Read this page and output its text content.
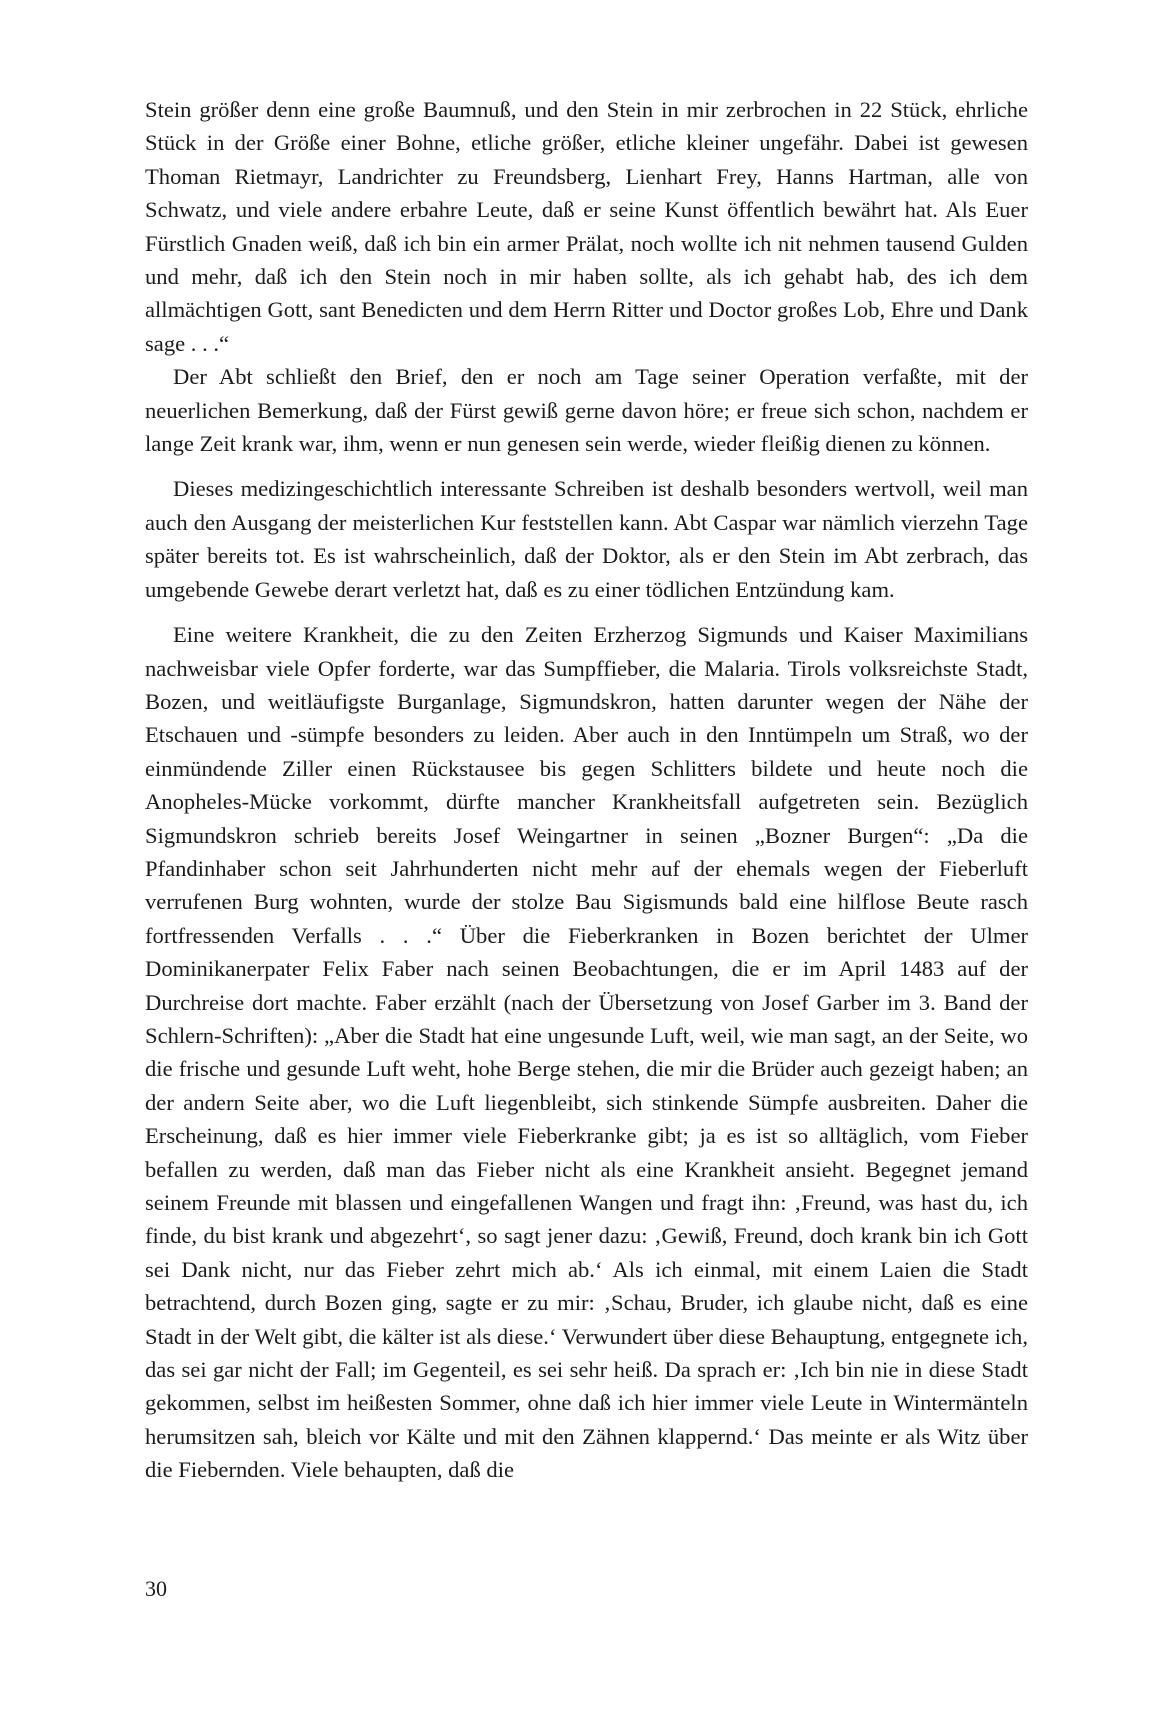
Stein größer denn eine große Baumnuß, und den Stein in mir zerbrochen in 22 Stück, ehrliche Stück in der Größe einer Bohne, etliche größer, etliche kleiner ungefähr. Dabei ist gewesen Thoman Rietmayr, Landrichter zu Freundsberg, Lienhart Frey, Hanns Hartman, alle von Schwatz, und viele andere erbahre Leute, daß er seine Kunst öffentlich bewährt hat. Als Euer Fürstlich Gnaden weiß, daß ich bin ein armer Prälat, noch wollte ich nit nehmen tausend Gulden und mehr, daß ich den Stein noch in mir haben sollte, als ich gehabt hab, des ich dem allmächtigen Gott, sant Benedicten und dem Herrn Ritter und Doctor großes Lob, Ehre und Dank sage . . .“

Der Abt schließt den Brief, den er noch am Tage seiner Operation verfaßte, mit der neuerlichen Bemerkung, daß der Fürst gewiß gerne davon höre; er freue sich schon, nachdem er lange Zeit krank war, ihm, wenn er nun genesen sein werde, wieder fleißig dienen zu können.

Dieses medizingeschichtlich interessante Schreiben ist deshalb besonders wertvoll, weil man auch den Ausgang der meisterlichen Kur feststellen kann. Abt Caspar war nämlich vierzehn Tage später bereits tot. Es ist wahrscheinlich, daß der Doktor, als er den Stein im Abt zerbrach, das umgebende Gewebe derart verletzt hat, daß es zu einer tödlichen Entzündung kam.

Eine weitere Krankheit, die zu den Zeiten Erzherzog Sigmunds und Kaiser Maximilians nachweisbar viele Opfer forderte, war das Sumpffieber, die Malaria. Tirols volksreichste Stadt, Bozen, und weitläufigste Burganlage, Sigmundskron, hatten darunter wegen der Nähe der Etschauen und -sümpfe besonders zu leiden. Aber auch in den Inntümpeln um Straß, wo der einmündende Ziller einen Rückstausee bis gegen Schlitters bildete und heute noch die Anopheles-Mücke vorkommt, dürfte mancher Krankheitsfall aufgetreten sein. Bezüglich Sigmundskron schrieb bereits Josef Weingartner in seinen „Bozner Burgen“: „Da die Pfandinhaber schon seit Jahrhunderten nicht mehr auf der ehemals wegen der Fieberluft verrufenen Burg wohnten, wurde der stolze Bau Sigismunds bald eine hilflose Beute rasch fortfressenden Verfalls . . .“ Über die Fieberkranken in Bozen berichtet der Ulmer Dominikanerpater Felix Faber nach seinen Beobachtungen, die er im April 1483 auf der Durchreise dort machte. Faber erzählt (nach der Übersetzung von Josef Garber im 3. Band der Schlern-Schriften): „Aber die Stadt hat eine ungesunde Luft, weil, wie man sagt, an der Seite, wo die frische und gesunde Luft weht, hohe Berge stehen, die mir die Brüder auch gezeigt haben; an der andern Seite aber, wo die Luft liegenbleibt, sich stinkende Sümpfe ausbreiten. Daher die Erscheinung, daß es hier immer viele Fieberkranke gibt; ja es ist so alltäglich, vom Fieber befallen zu werden, daß man das Fieber nicht als eine Krankheit ansieht. Begegnet jemand seinem Freunde mit blassen und eingefallenen Wangen und fragt ihn: ‚Freund, was hast du, ich finde, du bist krank und abgezehrt‘, so sagt jener dazu: ‚Gewiß, Freund, doch krank bin ich Gott sei Dank nicht, nur das Fieber zehrt mich ab.‘ Als ich einmal, mit einem Laien die Stadt betrachtend, durch Bozen ging, sagte er zu mir: ‚Schau, Bruder, ich glaube nicht, daß es eine Stadt in der Welt gibt, die kälter ist als diese.‘ Verwundert über diese Behauptung, entgegnete ich, das sei gar nicht der Fall; im Gegenteil, es sei sehr heiß. Da sprach er: ‚Ich bin nie in diese Stadt gekommen, selbst im heißesten Sommer, ohne daß ich hier immer viele Leute in Wintermänteln herumsitzen sah, bleich vor Kälte und mit den Zähnen klappernd.‘ Das meinte er als Witz über die Fiebernden. Viele behaupten, daß die

30
